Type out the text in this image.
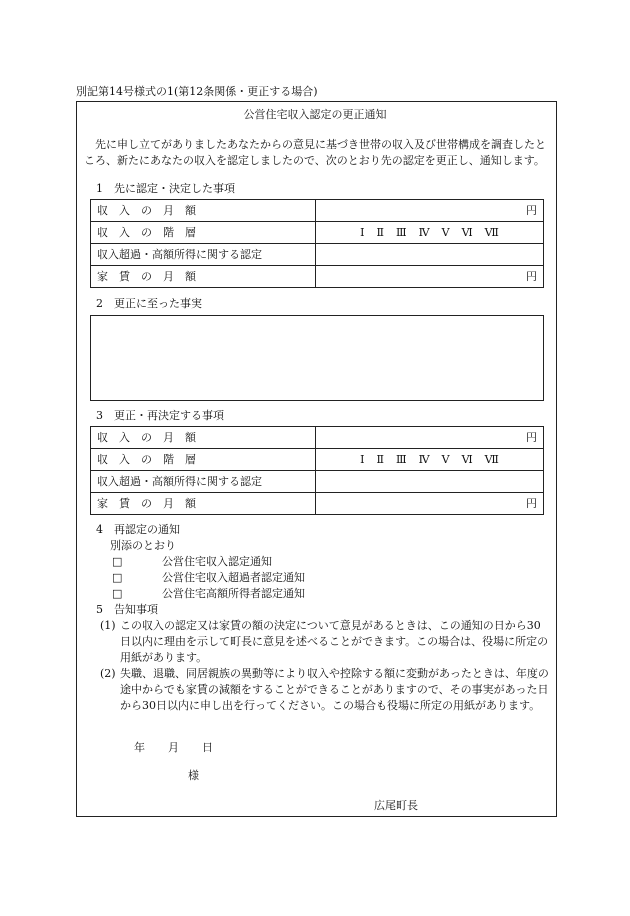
別記第14号様式の1(第12条関係・更正する場合)
公営住宅収入認定の更正通知
先に申し立てがありましたあなたからの意見に基づき世帯の収入及び世帯構成を調査したところ、新たにあなたの収入を認定しましたので、次のとおり先の認定を更正し、通知します。
1　先に認定・決定した事項
収　入　の　月　額	円
収　入　の　階　層	Ⅰ Ⅱ Ⅲ Ⅳ Ⅴ Ⅵ Ⅶ
収入超過・高額所得に関する認定	
家　賃　の　月　額	円
2　更正に至った事実
3　更正・再決定する事項
収　入　の　月　額	円
収　入　の　階　層	Ⅰ Ⅱ Ⅲ Ⅳ Ⅴ Ⅵ Ⅶ
収入超過・高額所得に関する認定	
家　賃　の　月　額	円
4　再認定の通知
別添のとおり
□	公営住宅収入認定通知
□	公営住宅収入超過者認定通知
□	公営住宅高額所得者認定通知
5　告知事項
(1) この収入の認定又は家賃の額の決定について意見があるときは、この通知の日から30日以内に理由を示して町長に意見を述べることができます。この場合は、役場に所定の用紙があります。
(2) 失職、退職、同居親族の異動等により収入や控除する額に変動があったときは、年度の途中からでも家賃の減額をすることができることがありますので、その事実があった日から30日以内に申し出を行ってください。この場合も役場に所定の用紙があります。
年 月 日
様
広尾町長
